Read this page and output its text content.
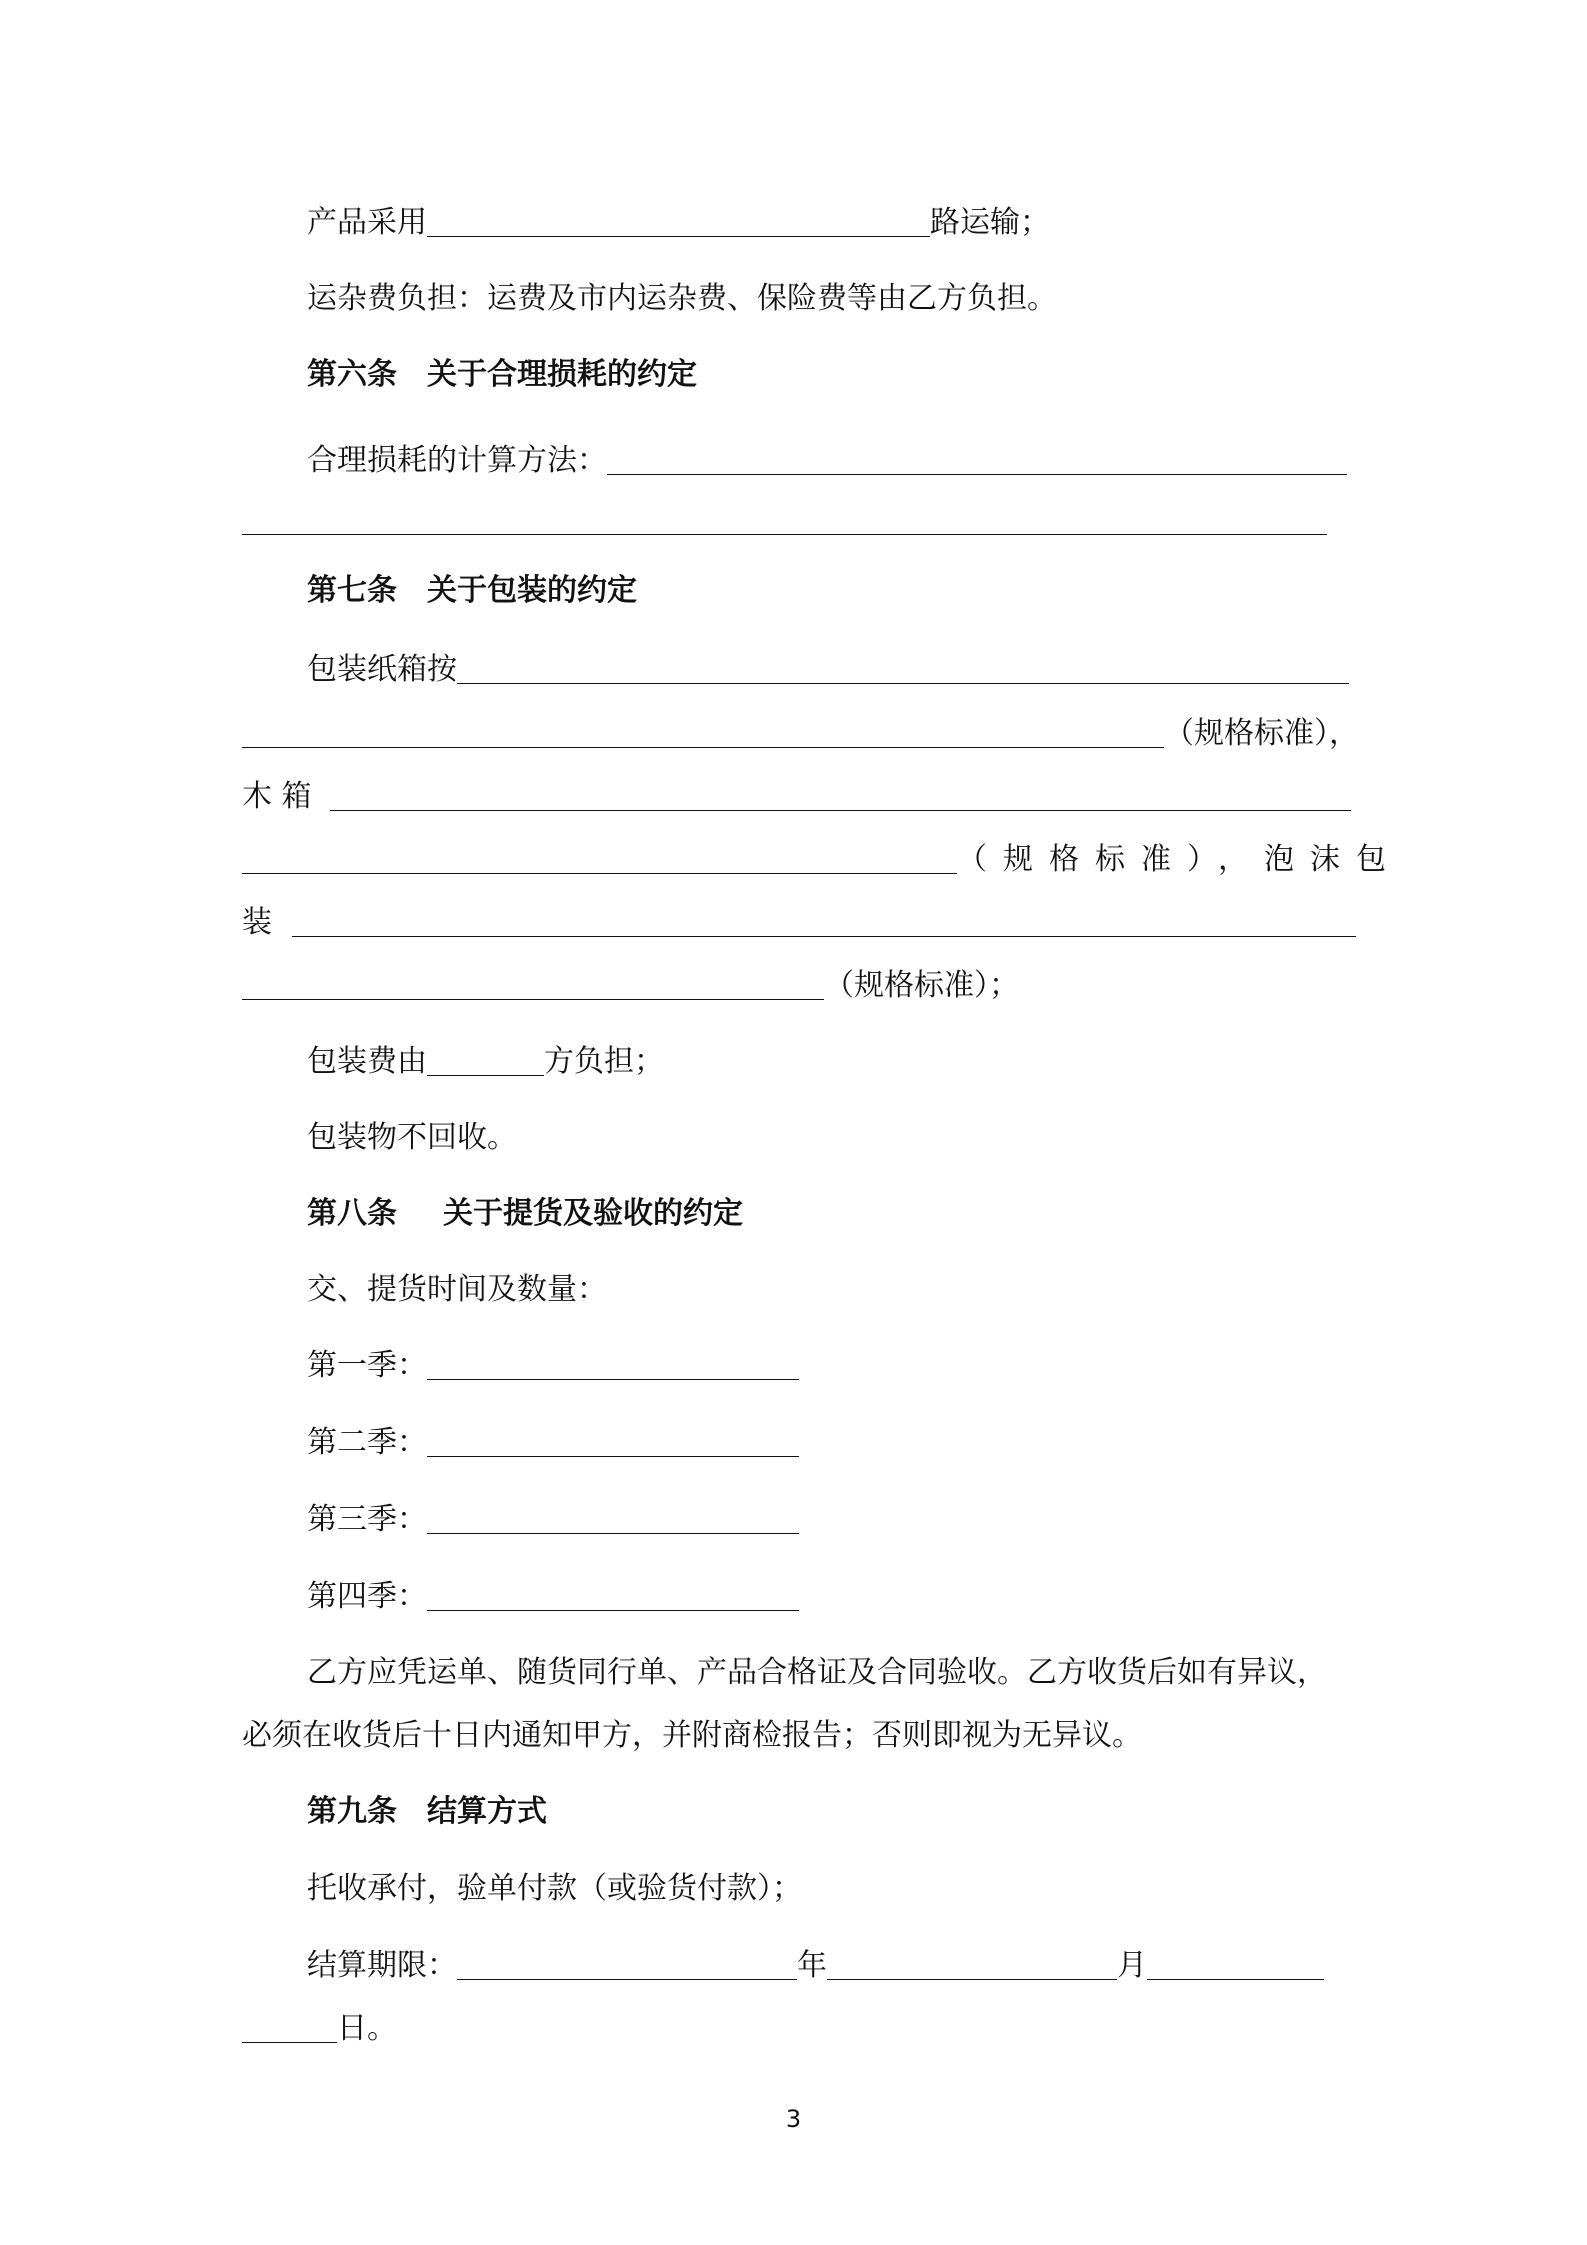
产品采用	路运输；
运杂费负担：运费及市内运杂费、保险费等由乙方负担。
第六条 关于合理损耗的约定
合理损耗的计算方法：
第七条 关于包装的约定
包装纸箱按
（规格标准），
木 箱
（规格标准），泡沫包
装
（规格标准）；
包装费由	方负担；
包装物不回收。
第八条 关于提货及验收的约定
交、提货时间及数量：
第一季：
第二季：
第三季：
第四季：
乙方应凭运单、随货同行单、产品合格证及合同验收。乙方收货后如有异议，
必须在收货后十日内通知甲方，并附商检报告；否则即视为无异议。
第九条 结算方式
托收承付，验单付款（或验货付款）；
结算期限：	年	月
日。
3
